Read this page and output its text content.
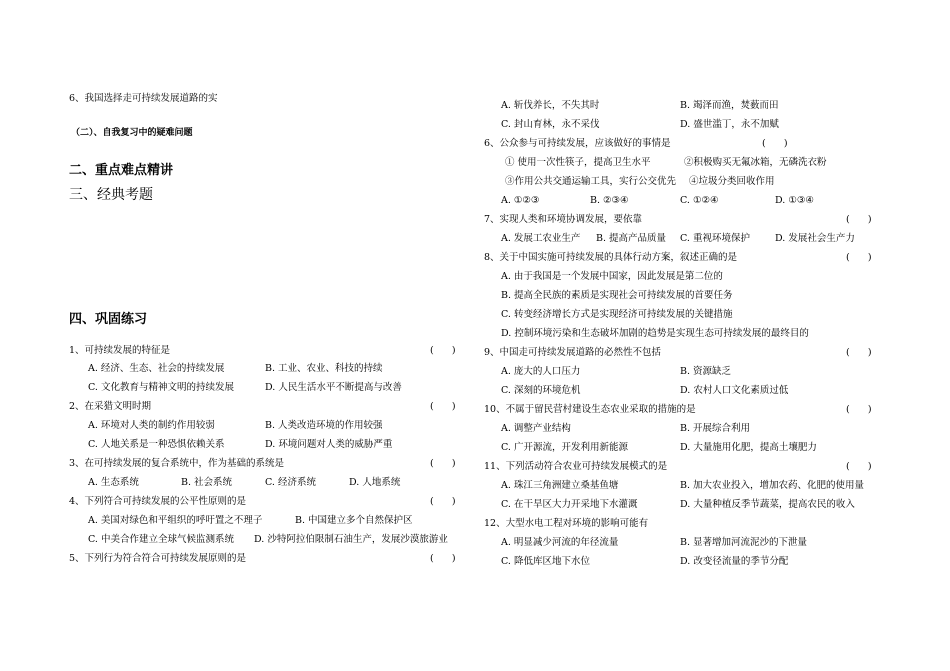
6、我国选择走可持续发展道路的实
（二）、自我复习中的疑难问题
二、重点难点精讲
三、经典考题
四、巩固练习
1、可持续发展的特征是	(      )
A. 经济、生态、社会的持续发展	B. 工业、农业、科技的持续
C. 文化教育与精神文明的持续发展	D. 人民生活水平不断提高与改善
2、在采猎文明时期	(      )
A. 环境对人类的制约作用较弱	B. 人类改造环境的作用较强
C. 人地关系是一种恐惧依赖关系	D. 环境问题对人类的威胁严重
3、在可持续发展的复合系统中，作为基础的系统是	(      )
A. 生态系统	B. 社会系统	C. 经济系统	D. 人地系统
4、下列符合可持续发展的公平性原则的是	(      )
A. 美国对绿色和平组织的呼吁置之不理子	B. 中国建立多个自然保护区
C. 中美合作建立全球气候监测系统 D. 沙特阿拉伯限制石油生产，发展沙漠旅游业
5、下列行为符合符合可持续发展原则的是	(      )
A. 斩伐养长，不失其时	B. 竭泽而渔，焚薮而田
C. 封山育林，永不采伐	D. 盛世滥丁，永不加赋
6、公众参与可持续发展，应该做好的事情是	(      )
① 使用一次性筷子，提高卫生水平	②积极购买无氟冰箱，无磷洗衣粉
③作用公共交通运输工具，实行公交优先 ④垃圾分类回收作用
A. ①②③	B. ②③④	C. ①②④	D. ①③④
7、实现人类和环境协调发展，要依靠	(      )
A. 发展工农业生产 B. 提高产品质量 C. 重视环境保护	D. 发展社会生产力
8、关于中国实施可持续发展的具体行动方案，叙述正确的是	(      )
A. 由于我国是一个发展中国家，因此发展是第二位的
B. 提高全民族的素质是实现社会可持续发展的首要任务
C. 转变经济增长方式是实现经济可持续发展的关键措施
D. 控制环境污染和生态破坏加剧的趋势是实现生态可持续发展的最终目的
9、中国走可持续发展道路的必然性不包括	(      )
A. 庞大的人口压力	B. 资源缺乏
C. 深刻的环境危机	D. 农村人口文化素质过低
10、不属于留民营村建设生态农业采取的措施的是	(      )
A. 调整产业结构	B. 开展综合利用
C. 广开源流，开发利用新能源	D. 大量施用化肥，提高土壤肥力
11、下列活动符合农业可持续发展模式的是	(      )
A. 珠江三角洲建立桑基鱼塘	B. 加大农业投入，增加农药、化肥的使用量
C. 在干旱区大力开采地下水灌溉	D. 大量种植反季节蔬菜，提高农民的收入
12、大型水电工程对环境的影响可能有
A. 明显减少河流的年径流量	B. 显著增加河流泥沙的下泄量
C. 降低库区地下水位	D. 改变径流量的季节分配
